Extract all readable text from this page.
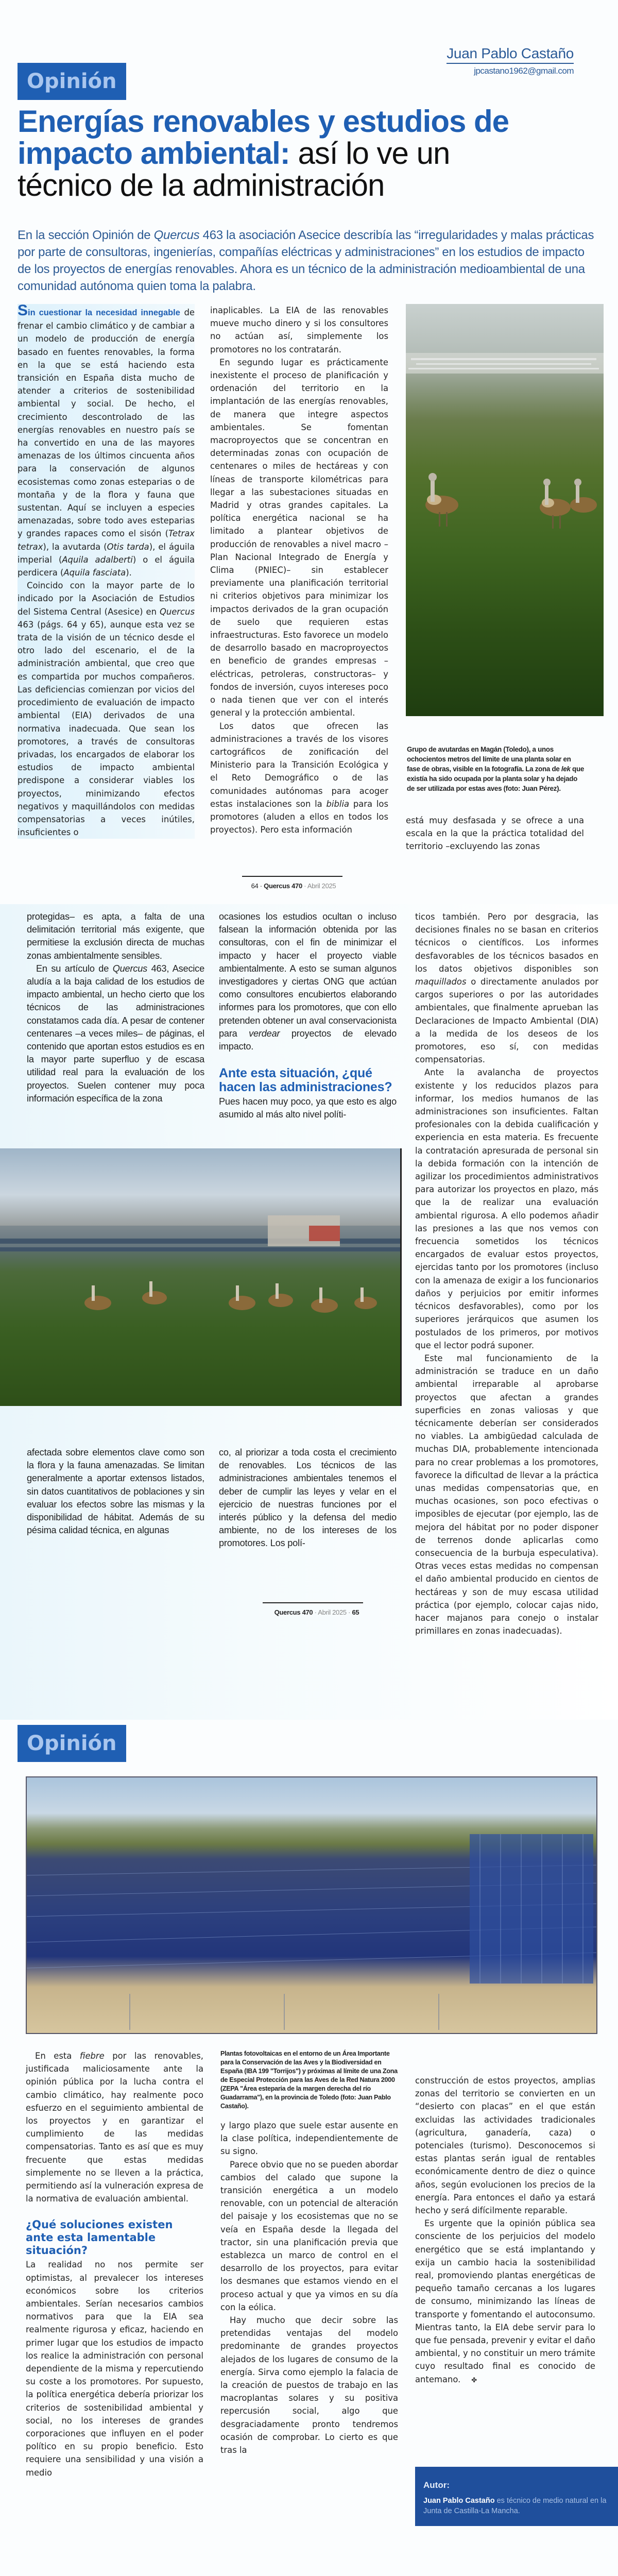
Opinión
Juan Pablo Castaño
jpcastano1962@gmail.com
Energías renovables y estudios de impacto ambiental: así lo ve un técnico de la administración

En la sección Opinión de Quercus 463 la asociación Asecice describía las “irregularidades y malas prácticas por parte de consultoras, ingenierías, compañías eléctricas y administraciones” en los estudios de impacto de los proyectos de energías renovables. Ahora es un técnico de la administración medioambiental de una comunidad autónoma quien toma la palabra.

Sin cuestionar la necesidad innegable de frenar el cambio climático y de cambiar a un modelo de producción de energía basado en fuentes renovables, la forma en la que se está haciendo esta transición en España dista mucho de atender a criterios de sostenibilidad ambiental y social. De hecho, el crecimiento descontrolado de las energías renovables en nuestro país se ha convertido en una de las mayores amenazas de los últimos cincuenta años para la conservación de algunos ecosistemas como zonas esteparias o de montaña y de la flora y fauna que sustentan. Aquí se incluyen a especies amenazadas, sobre todo aves esteparias y grandes rapaces como el sisón (Tetrax tetrax), la avutarda (Otis tarda), el águila imperial (Aquila adalberti) o el águila perdicera (Aquila fasciata).

Coincido con la mayor parte de lo indicado por la Asociación de Estudios del Sistema Central (Asesice) en Quercus 463 (págs. 64 y 65), aunque esta vez se trata de la visión de un técnico desde el otro lado del escenario, el de la administración ambiental, que creo que es compartida por muchos compañeros. Las deficiencias comienzan por vicios del procedimiento de evaluación de impacto ambiental (EIA) derivados de una normativa inadecuada. Que sean los promotores, a través de consultoras privadas, los encargados de elaborar los estudios de impacto ambiental predispone a considerar viables los proyectos, minimizando efectos negativos y maquillándolos con medidas compensatorias a veces inútiles, insuficientes o

inaplicables. La EIA de las renovables mueve mucho dinero y si los consultores no actúan así, simplemente los promotores no los contratarán.

En segundo lugar es prácticamente inexistente el proceso de planificación y ordenación del territorio en la implantación de las energías renovables, de manera que integre aspectos ambientales. Se fomentan macroproyectos que se concentran en determinadas zonas con ocupación de centenares o miles de hectáreas y con líneas de transporte kilométricas para llegar a las subestaciones situadas en Madrid y otras grandes capitales. La política energética nacional se ha limitado a plantear objetivos de producción de renovables a nivel macro –Plan Nacional Integrado de Energía y Clima (PNIEC)– sin establecer previamente una planificación territorial ni criterios objetivos para minimizar los impactos derivados de la gran ocupación de suelo que requieren estas infraestructuras. Esto favorece un modelo de desarrollo basado en macroproyectos en beneficio de grandes empresas –eléctricas, petroleras, constructoras– y fondos de inversión, cuyos intereses poco o nada tienen que ver con el interés general y la protección ambiental.

Los datos que ofrecen las administraciones a través de los visores cartográficos de zonificación del Ministerio para la Transición Ecológica y el Reto Demográfico o de las comunidades autónomas para acoger estas instalaciones son la biblia para los promotores (aluden a ellos en todos los proyectos). Pero esta información

Grupo de avutardas en Magán (Toledo), a unos ochocientos metros del límite de una planta solar en fase de obras, visible en la fotografía. La zona de lek que existía ha sido ocupada por la planta solar y ha dejado de ser utilizada por estas aves (foto: Juan Pérez).

está muy desfasada y se ofrece a una escala en la que la práctica totalidad del territorio –excluyendo las zonas

64 · Quercus 470 · Abril 2025

protegidas– es apta, a falta de una delimitación territorial más exigente, que permitiese la exclusión directa de muchas zonas ambientalmente sensibles.

En su artículo de Quercus 463, Asecice aludía a la baja calidad de los estudios de impacto ambiental, un hecho cierto que los técnicos de las administraciones constatamos cada día. A pesar de contener centenares –a veces miles– de páginas, el contenido que aportan estos estudios es en la mayor parte superfluo y de escasa utilidad real para la evaluación de los proyectos. Suelen contener muy poca información específica de la zona

ocasiones los estudios ocultan o incluso falsean la información obtenida por las consultoras, con el fin de minimizar el impacto y hacer el proyecto viable ambientalmente. A esto se suman algunos investigadores y ciertas ONG que actúan como consultores encubiertos elaborando informes para los promotores, que con ello pretenden obtener un aval conservacionista para verdear proyectos de elevado impacto.

Ante esta situación, ¿qué hacen las administraciones?

Pues hacen muy poco, ya que esto es algo asumido al más alto nivel políti-

afectada sobre elementos clave como son la flora y la fauna amenazadas. Se limitan generalmente a aportar extensos listados, sin datos cuantitativos de poblaciones y sin evaluar los efectos sobre las mismas y la disponibilidad de hábitat. Además de su pésima calidad técnica, en algunas

co, al priorizar a toda costa el crecimiento de renovables. Los técnicos de las administraciones ambientales tenemos el deber de cumplir las leyes y velar en el ejercicio de nuestras funciones por el interés público y la defensa del medio ambiente, no de los intereses de los promotores. Los polí-

ticos también. Pero por desgracia, las decisiones finales no se basan en criterios técnicos o científicos. Los informes desfavorables de los técnicos basados en los datos objetivos disponibles son maquillados o directamente anulados por cargos superiores o por las autoridades ambientales, que finalmente aprueban las Declaraciones de Impacto Ambiental (DIA) a la medida de los deseos de los promotores, eso sí, con medidas compensatorias.

Ante la avalancha de proyectos existente y los reducidos plazos para informar, los medios humanos de las administraciones son insuficientes. Faltan profesionales con la debida cualificación y experiencia en esta materia. Es frecuente la contratación apresurada de personal sin la debida formación con la intención de agilizar los procedimientos administrativos para autorizar los proyectos en plazo, más que la de realizar una evaluación ambiental rigurosa. A ello podemos añadir las presiones a las que nos vemos con frecuencia sometidos los técnicos encargados de evaluar estos proyectos, ejercidas tanto por los promotores (incluso con la amenaza de exigir a los funcionarios daños y perjuicios por emitir informes técnicos desfavorables), como por los superiores jerárquicos que asumen los postulados de los primeros, por motivos que el lector podrá suponer.

Este mal funcionamiento de la administración se traduce en un daño ambiental irreparable al aprobarse proyectos que afectan a grandes superficies en zonas valiosas y que técnicamente deberían ser considerados no viables. La ambigüedad calculada de muchas DIA, probablemente intencionada para no crear problemas a los promotores, favorece la dificultad de llevar a la práctica unas medidas compensatorias que, en muchas ocasiones, son poco efectivas o imposibles de ejecutar (por ejemplo, las de mejora del hábitat por no poder disponer de terrenos donde aplicarlas como consecuencia de la burbuja especulativa). Otras veces estas medidas no compensan el daño ambiental producido en cientos de hectáreas y son de muy escasa utilidad práctica (por ejemplo, colocar cajas nido, hacer majanos para conejo o instalar primillares en zonas inadecuadas).

Quercus 470 · Abril 2025 · 65
Opinión

En esta fiebre por las renovables, justificada maliciosamente ante la opinión pública por la lucha contra el cambio climático, hay realmente poco esfuerzo en el seguimiento ambiental de los proyectos y en garantizar el cumplimiento de las medidas compensatorias. Tanto es así que es muy frecuente que estas medidas simplemente no se lleven a la práctica, permitiendo así la vulneración expresa de la normativa de evaluación ambiental.

¿Qué soluciones existen ante esta lamentable situación?

La realidad no nos permite ser optimistas, al prevalecer los intereses económicos sobre los criterios ambientales. Serían necesarios cambios normativos para que la EIA sea realmente rigurosa y eficaz, haciendo en primer lugar que los estudios de impacto los realice la administración con personal dependiente de la misma y repercutiendo su coste a los promotores. Por supuesto, la política energética debería priorizar los criterios de sostenibilidad ambiental y social, no los intereses de grandes corporaciones que influyen en el poder político en su propio beneficio. Esto requiere una sensibilidad y una visión a medio

Plantas fotovoltaicas en el entorno de un Área Importante para la Conservación de las Aves y la Biodiversidad en España (IBA 199 "Torrijos") y próximas al límite de una Zona de Especial Protección para las Aves de la Red Natura 2000 (ZEPA "Área esteparia de la margen derecha del río Guadarrama"), en la provincia de Toledo (foto: Juan Pablo Castaño).

y largo plazo que suele estar ausente en la clase política, independientemente de su signo.

Parece obvio que no se pueden abordar cambios del calado que supone la transición energética a un modelo renovable, con un potencial de alteración del paisaje y los ecosistemas que no se veía en España desde la llegada del tractor, sin una planificación previa que establezca un marco de control en el desarrollo de los proyectos, para evitar los desmanes que estamos viendo en el proceso actual y que ya vimos en su día con la eólica.

Hay mucho que decir sobre las pretendidas ventajas del modelo predominante de grandes proyectos alejados de los lugares de consumo de la energía. Sirva como ejemplo la falacia de la creación de puestos de trabajo en las macroplantas solares y su positiva repercusión social, algo que desgraciadamente pronto tendremos ocasión de comprobar. Lo cierto es que tras la

construcción de estos proyectos, amplias zonas del territorio se convierten en un “desierto con placas” en el que están excluidas las actividades tradicionales (agricultura, ganadería, caza) o potenciales (turismo). Desconocemos si estas plantas serán igual de rentables económicamente dentro de diez o quince años, según evolucionen los precios de la energía. Para entonces el daño ya estará hecho y será difícilmente reparable.

Es urgente que la opinión pública sea consciente de los perjuicios del modelo energético que se está implantando y exija un cambio hacia la sostenibilidad real, promoviendo plantas energéticas de pequeño tamaño cercanas a los lugares de consumo, minimizando las líneas de transporte y fomentando el autoconsumo. Mientras tanto, la EIA debe servir para lo que fue pensada, prevenir y evitar el daño ambiental, y no constituir un mero trámite cuyo resultado final es conocido de antemano. ✤

Autor:
Juan Pablo Castaño es técnico de medio natural en la Junta de Castilla-La Mancha.
